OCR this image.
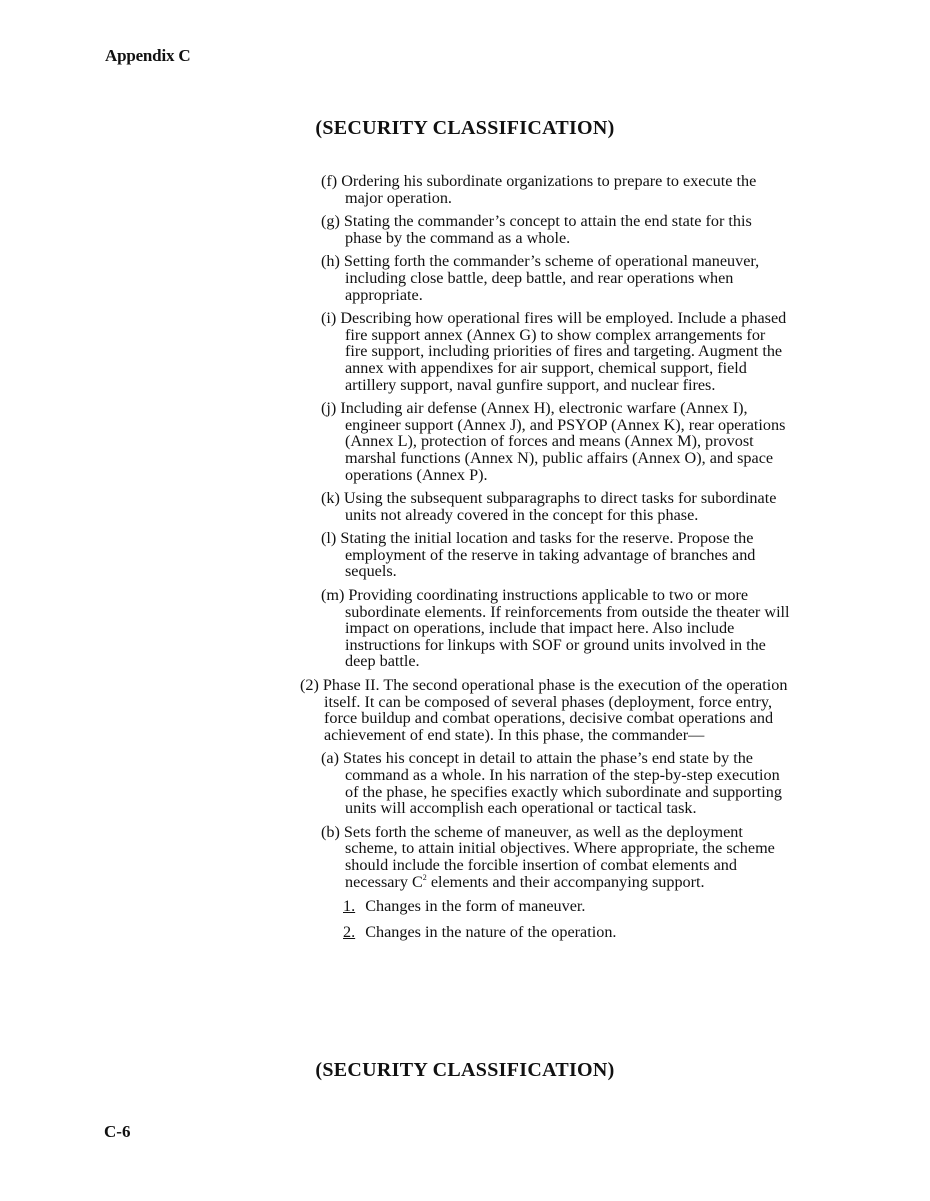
Appendix C
(SECURITY CLASSIFICATION)

(f) Ordering his subordinate organizations to prepare to execute the major operation.

(g) Stating the commander’s concept to attain the end state for this phase by the command as a whole.

(h) Setting forth the commander’s scheme of operational maneuver, including close battle, deep battle, and rear operations when appropriate.

(i) Describing how operational fires will be employed. Include a phased fire support annex (Annex G) to show complex arrangements for fire support, including priorities of fires and targeting. Augment the annex with appendixes for air support, chemical support, field artillery support, naval gunfire support, and nuclear fires.

(j) Including air defense (Annex H), electronic warfare (Annex I), engineer support (Annex J), and PSYOP (Annex K), rear operations (Annex L), protection of forces and means (Annex M), provost marshal functions (Annex N), public affairs (Annex O), and space operations (Annex P).

(k) Using the subsequent subparagraphs to direct tasks for subordinate units not already covered in the concept for this phase.

(l) Stating the initial location and tasks for the reserve. Propose the employment of the reserve in taking advantage of branches and sequels.

(m) Providing coordinating instructions applicable to two or more subordinate elements. If reinforcements from outside the theater will impact on operations, include that impact here. Also include instructions for linkups with SOF or ground units involved in the deep battle.

(2) Phase II. The second operational phase is the execution of the operation itself. It can be composed of several phases (deployment, force entry, force buildup and combat operations, decisive combat operations and achievement of end state). In this phase, the commander—

(a) States his concept in detail to attain the phase’s end state by the command as a whole. In his narration of the step-by-step execution of the phase, he specifies exactly which subordinate and supporting units will accomplish each operational or tactical task.

(b) Sets forth the scheme of maneuver, as well as the deployment scheme, to attain initial objectives. Where appropriate, the scheme should include the forcible insertion of combat elements and necessary $C^2$ elements and their accompanying support.

1. Changes in the form of maneuver.

2. Changes in the nature of the operation.

(SECURITY CLASSIFICATION)
C-6
